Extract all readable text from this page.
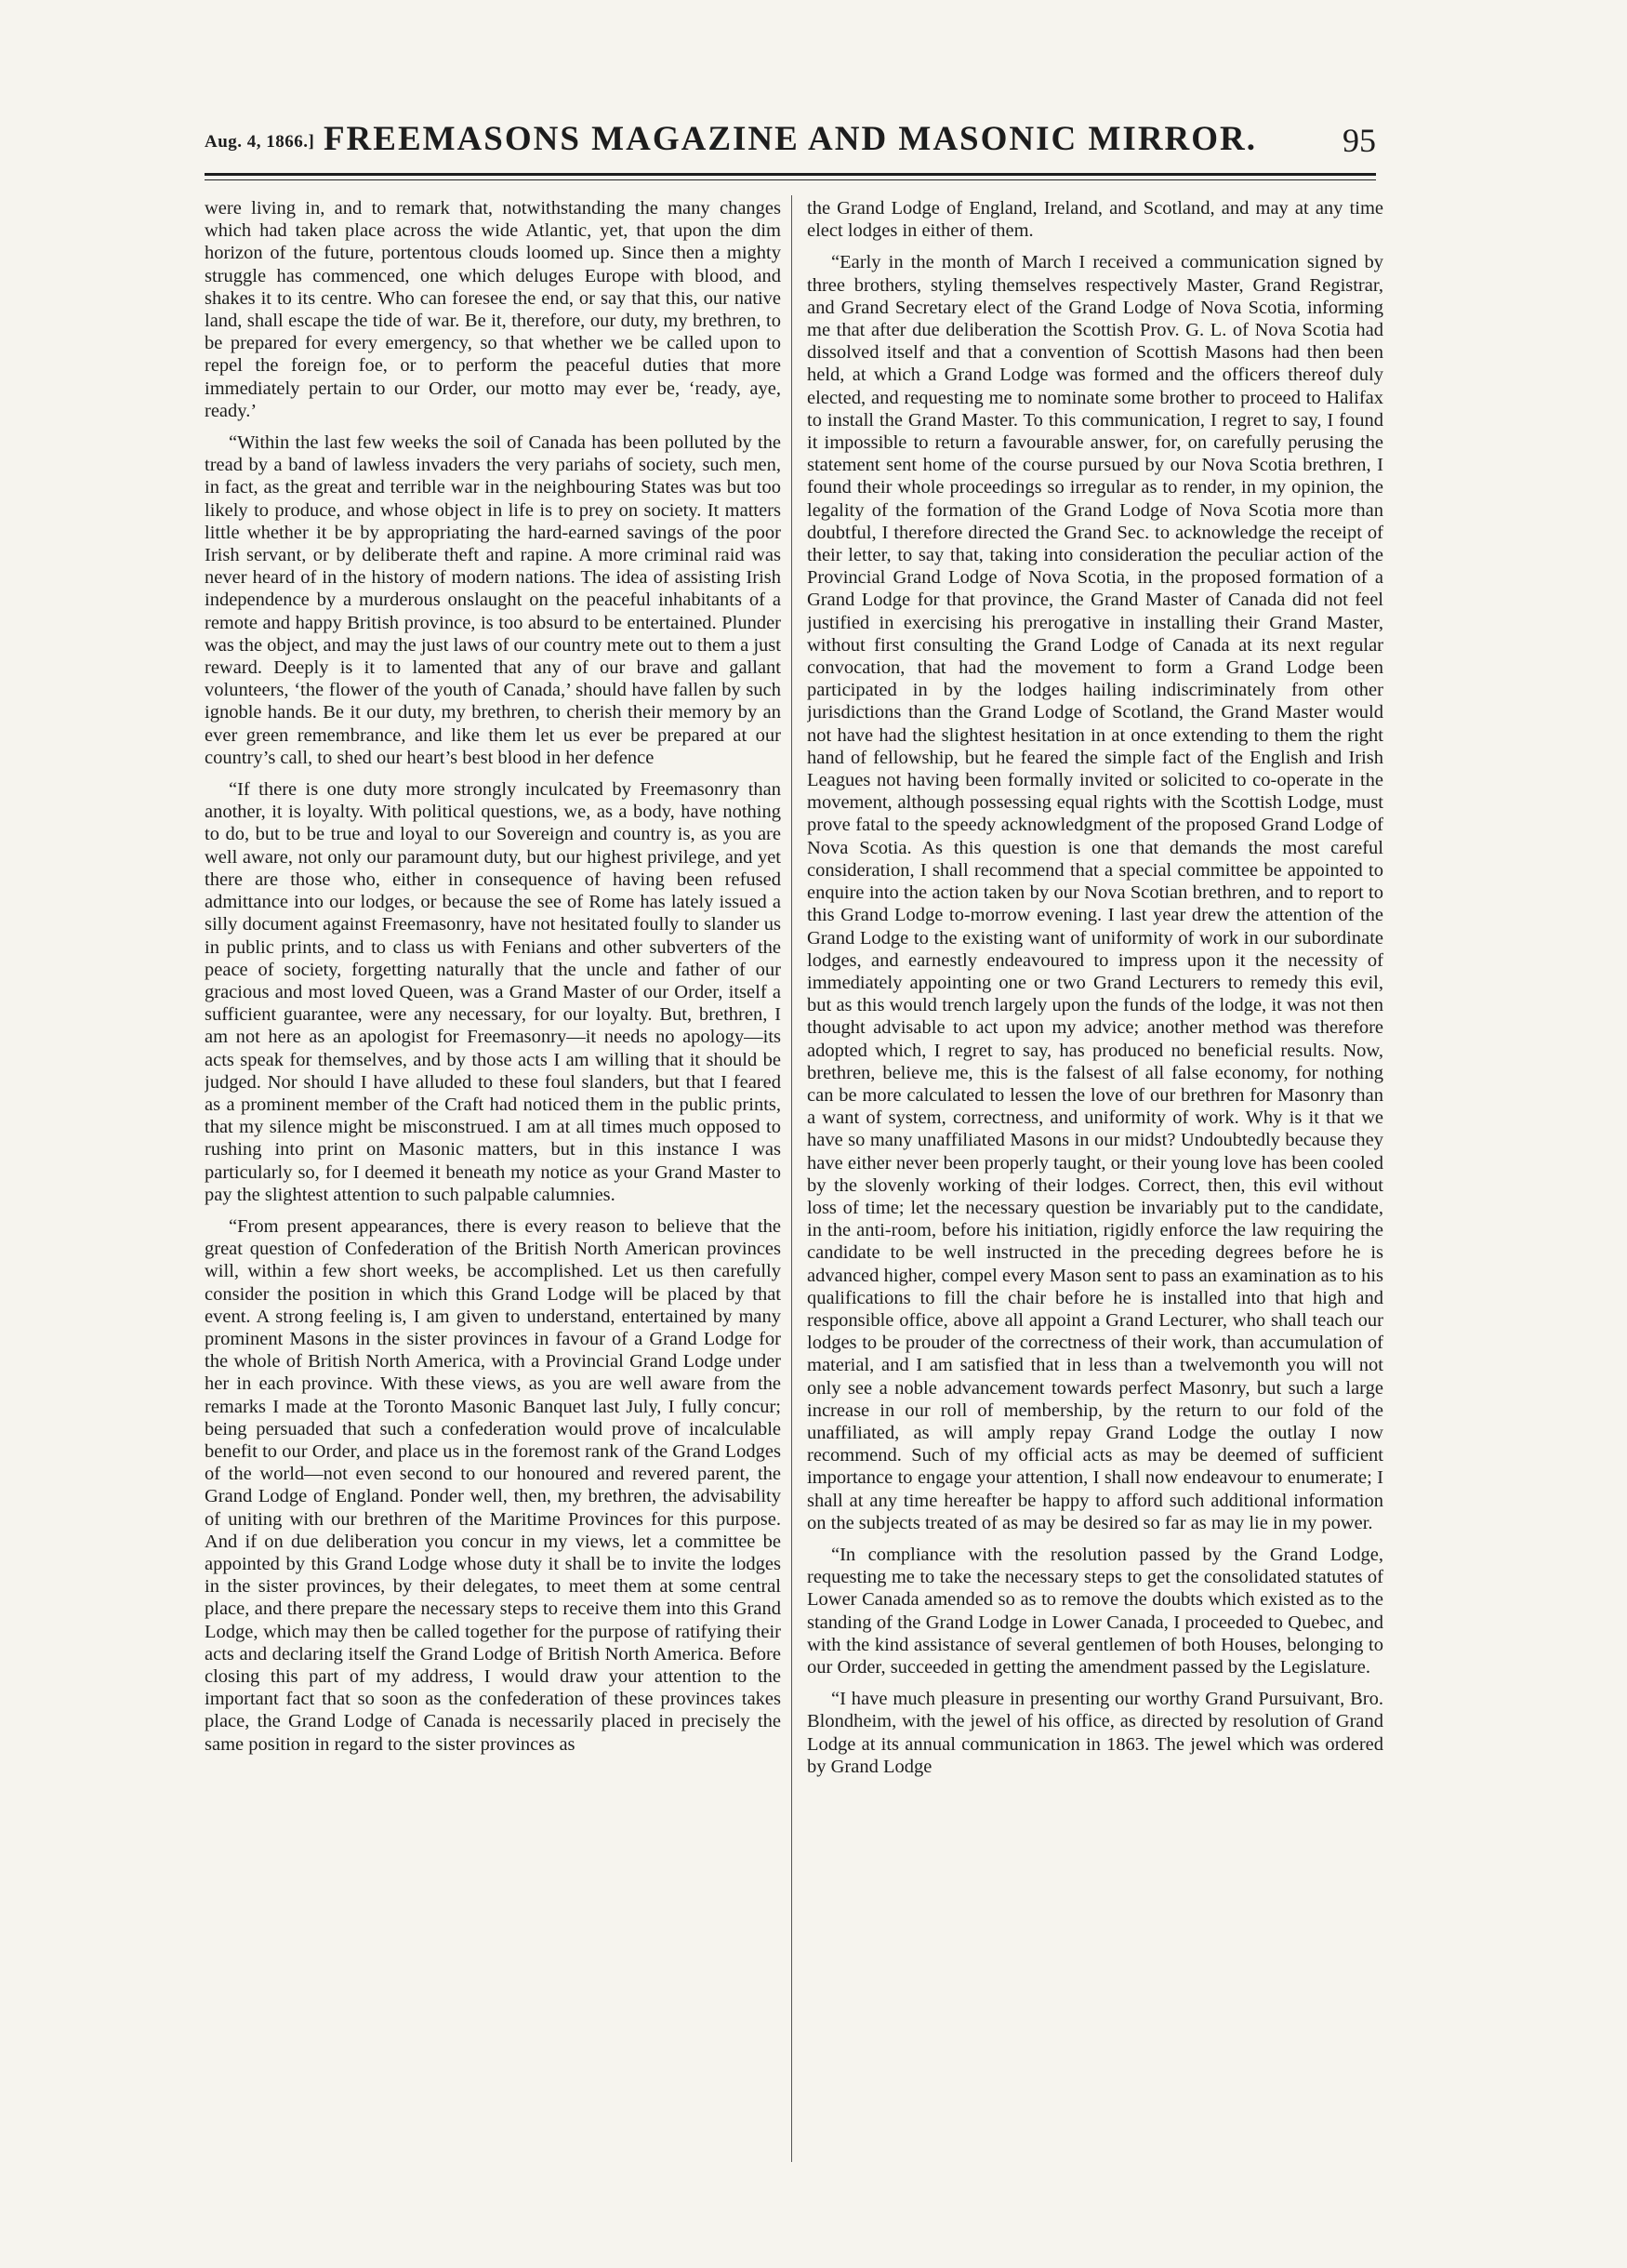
Aug. 4, 1866.] FREEMASONS MAGAZINE AND MASONIC MIRROR.	95

were living in, and to remark that, notwithstanding the many changes which had taken place across the wide Atlantic, yet, that upon the dim horizon of the future, portentous clouds loomed up. Since then a mighty struggle has commenced, one which deluges Europe with blood, and shakes it to its centre. Who can foresee the end, or say that this, our native land, shall escape the tide of war. Be it, therefore, our duty, my brethren, to be prepared for every emergency, so that whether we be called upon to repel the foreign foe, or to perform the peaceful duties that more immediately pertain to our Order, our motto may ever be, ‘ready, aye, ready.’

“Within the last few weeks the soil of Canada has been polluted by the tread by a band of lawless invaders the very pariahs of society, such men, in fact, as the great and terrible war in the neighbouring States was but too likely to produce, and whose object in life is to prey on society. It matters little whether it be by appropriating the hard-earned savings of the poor Irish servant, or by deliberate theft and rapine. A more criminal raid was never heard of in the history of modern nations. The idea of assisting Irish independence by a murderous onslaught on the peaceful inhabitants of a remote and happy British province, is too absurd to be entertained. Plunder was the object, and may the just laws of our country mete out to them a just reward. Deeply is it to lamented that any of our brave and gallant volunteers, ‘the flower of the youth of Canada,’ should have fallen by such ignoble hands. Be it our duty, my brethren, to cherish their memory by an ever green remembrance, and like them let us ever be prepared at our country’s call, to shed our heart’s best blood in her defence

“If there is one duty more strongly inculcated by Freemasonry than another, it is loyalty. With political questions, we, as a body, have nothing to do, but to be true and loyal to our Sovereign and country is, as you are well aware, not only our paramount duty, but our highest privilege, and yet there are those who, either in consequence of having been refused admittance into our lodges, or because the see of Rome has lately issued a silly document against Freemasonry, have not hesitated foully to slander us in public prints, and to class us with Fenians and other subverters of the peace of society, forgetting naturally that the uncle and father of our gracious and most loved Queen, was a Grand Master of our Order, itself a sufficient guarantee, were any necessary, for our loyalty. But, brethren, I am not here as an apologist for Freemasonry—it needs no apology—its acts speak for themselves, and by those acts I am willing that it should be judged. Nor should I have alluded to these foul slanders, but that I feared as a prominent member of the Craft had noticed them in the public prints, that my silence might be misconstrued. I am at all times much opposed to rushing into print on Masonic matters, but in this instance I was particularly so, for I deemed it beneath my notice as your Grand Master to pay the slightest attention to such palpable calumnies.

“From present appearances, there is every reason to believe that the great question of Confederation of the British North American provinces will, within a few short weeks, be accomplished. Let us then carefully consider the position in which this Grand Lodge will be placed by that event. A strong feeling is, I am given to understand, entertained by many prominent Masons in the sister provinces in favour of a Grand Lodge for the whole of British North America, with a Provincial Grand Lodge under her in each province. With these views, as you are well aware from the remarks I made at the Toronto Masonic Banquet last July, I fully concur; being persuaded that such a confederation would prove of incalculable benefit to our Order, and place us in the foremost rank of the Grand Lodges of the world—not even second to our honoured and revered parent, the Grand Lodge of England. Ponder well, then, my brethren, the advisability of uniting with our brethren of the Maritime Provinces for this purpose. And if on due deliberation you concur in my views, let a committee be appointed by this Grand Lodge whose duty it shall be to invite the lodges in the sister provinces, by their delegates, to meet them at some central place, and there prepare the necessary steps to receive them into this Grand Lodge, which may then be called together for the purpose of ratifying their acts and declaring itself the Grand Lodge of British North America. Before closing this part of my address, I would draw your attention to the important fact that so soon as the confederation of these provinces takes place, the Grand Lodge of Canada is necessarily placed in precisely the same position in regard to the sister provinces as

the Grand Lodge of England, Ireland, and Scotland, and may at any time elect lodges in either of them.

“Early in the month of March I received a communication signed by three brothers, styling themselves respectively Master, Grand Registrar, and Grand Secretary elect of the Grand Lodge of Nova Scotia, informing me that after due deliberation the Scottish Prov. G. L. of Nova Scotia had dissolved itself and that a convention of Scottish Masons had then been held, at which a Grand Lodge was formed and the officers thereof duly elected, and requesting me to nominate some brother to proceed to Halifax to install the Grand Master. To this communication, I regret to say, I found it impossible to return a favourable answer, for, on carefully perusing the statement sent home of the course pursued by our Nova Scotia brethren, I found their whole proceedings so irregular as to render, in my opinion, the legality of the formation of the Grand Lodge of Nova Scotia more than doubtful, I therefore directed the Grand Sec. to acknowledge the receipt of their letter, to say that, taking into consideration the peculiar action of the Provincial Grand Lodge of Nova Scotia, in the proposed formation of a Grand Lodge for that province, the Grand Master of Canada did not feel justified in exercising his prerogative in installing their Grand Master, without first consulting the Grand Lodge of Canada at its next regular convocation, that had the movement to form a Grand Lodge been participated in by the lodges hailing indiscriminately from other jurisdictions than the Grand Lodge of Scotland, the Grand Master would not have had the slightest hesitation in at once extending to them the right hand of fellowship, but he feared the simple fact of the English and Irish Leagues not having been formally invited or solicited to co-operate in the movement, although possessing equal rights with the Scottish Lodge, must prove fatal to the speedy acknowledgment of the proposed Grand Lodge of Nova Scotia. As this question is one that demands the most careful consideration, I shall recommend that a special committee be appointed to enquire into the action taken by our Nova Scotian brethren, and to report to this Grand Lodge to-morrow evening. I last year drew the attention of the Grand Lodge to the existing want of uniformity of work in our subordinate lodges, and earnestly endeavoured to impress upon it the necessity of immediately appointing one or two Grand Lecturers to remedy this evil, but as this would trench largely upon the funds of the lodge, it was not then thought advisable to act upon my advice; another method was therefore adopted which, I regret to say, has produced no beneficial results. Now, brethren, believe me, this is the falsest of all false economy, for nothing can be more calculated to lessen the love of our brethren for Masonry than a want of system, correctness, and uniformity of work. Why is it that we have so many unaffiliated Masons in our midst? Undoubtedly because they have either never been properly taught, or their young love has been cooled by the slovenly working of their lodges. Correct, then, this evil without loss of time; let the necessary question be invariably put to the candidate, in the anti-room, before his initiation, rigidly enforce the law requiring the candidate to be well instructed in the preceding degrees before he is advanced higher, compel every Mason sent to pass an examination as to his qualifications to fill the chair before he is installed into that high and responsible office, above all appoint a Grand Lecturer, who shall teach our lodges to be prouder of the correctness of their work, than accumulation of material, and I am satisfied that in less than a twelvemonth you will not only see a noble advancement towards perfect Masonry, but such a large increase in our roll of membership, by the return to our fold of the unaffiliated, as will amply repay Grand Lodge the outlay I now recommend. Such of my official acts as may be deemed of sufficient importance to engage your attention, I shall now endeavour to enumerate; I shall at any time hereafter be happy to afford such additional information on the subjects treated of as may be desired so far as may lie in my power.

“In compliance with the resolution passed by the Grand Lodge, requesting me to take the necessary steps to get the consolidated statutes of Lower Canada amended so as to remove the doubts which existed as to the standing of the Grand Lodge in Lower Canada, I proceeded to Quebec, and with the kind assistance of several gentlemen of both Houses, belonging to our Order, succeeded in getting the amendment passed by the Legislature.

“I have much pleasure in presenting our worthy Grand Pursuivant, Bro. Blondheim, with the jewel of his office, as directed by resolution of Grand Lodge at its annual communication in 1863. The jewel which was ordered by Grand Lodge
